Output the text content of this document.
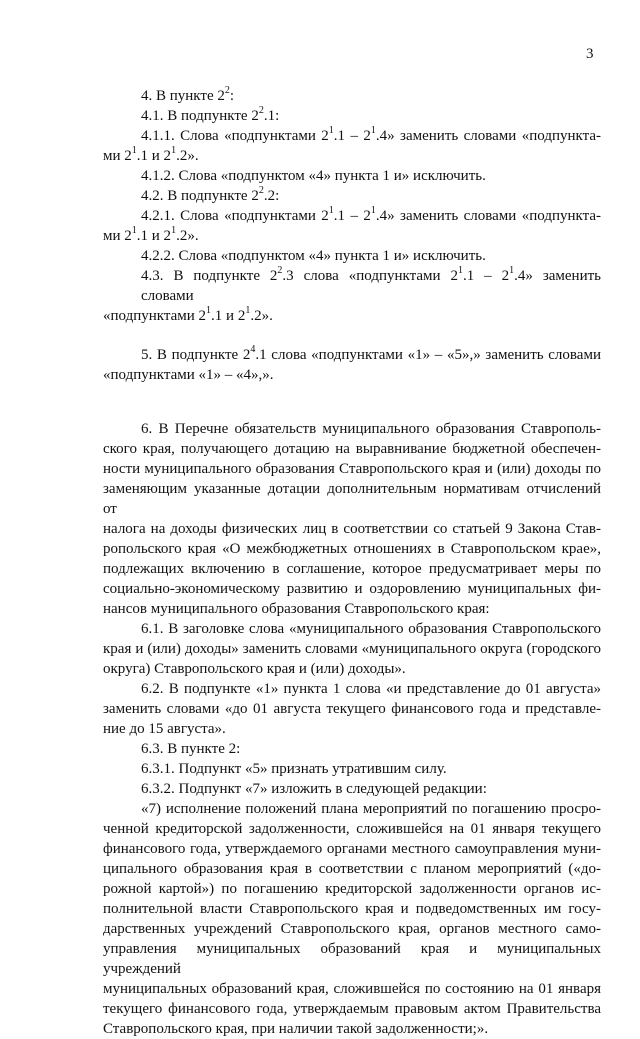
3
4. В пункте $2^2$:
4.1. В подпункте $2^2.1$:
4.1.1. Слова «подпунктами $2^1.1 - 2^1.4$» заменить словами «подпункта-
ми $2^1.1$ и $2^1.2$».
4.1.2. Слова «подпунктом «4» пункта 1 и» исключить.
4.2. В подпункте $2^2.2$:
4.2.1. Слова «подпунктами $2^1.1 - 2^1.4$» заменить словами «подпункта-
ми $2^1.1$ и $2^1.2$».
4.2.2. Слова «подпунктом «4» пункта 1 и» исключить.
4.3. В подпункте $2^2.3$ слова «подпунктами $2^1.1 - 2^1.4$» заменить словами
«подпунктами $2^1.1$ и $2^1.2$».
5. В подпункте $2^4.1$ слова «подпунктами «1» – «5»,» заменить словами
«подпунктами «1» – «4»,».
6. В Перечне обязательств муниципального образования Ставрополь-
ского края, получающего дотацию на выравнивание бюджетной обеспечен-
ности муниципального образования Ставропольского края и (или) доходы по
заменяющим указанные дотации дополнительным нормативам отчислений от
налога на доходы физических лиц в соответствии со статьей 9 Закона Став-
ропольского края «О межбюджетных отношениях в Ставропольском крае»,
подлежащих включению в соглашение, которое предусматривает меры по
социально-экономическому развитию и оздоровлению муниципальных фи-
нансов муниципального образования Ставропольского края:
6.1. В заголовке слова «муниципального образования Ставропольского
края и (или) доходы» заменить словами «муниципального округа (городского
округа) Ставропольского края и (или) доходы».
6.2. В подпункте «1» пункта 1 слова «и представление до 01 августа»
заменить словами «до 01 августа текущего финансового года и представле-
ние до 15 августа».
6.3. В пункте 2:
6.3.1. Подпункт «5» признать утратившим силу.
6.3.2. Подпункт «7» изложить в следующей редакции:
«7) исполнение положений плана мероприятий по погашению просро-
ченной кредиторской задолженности, сложившейся на 01 января текущего
финансового года, утверждаемого органами местного самоуправления муни-
ципального образования края в соответствии с планом мероприятий («до-
рожной картой») по погашению кредиторской задолженности органов ис-
полнительной власти Ставропольского края и подведомственных им госу-
дарственных учреждений Ставропольского края, органов местного само-
управления муниципальных образований края и муниципальных учреждений
муниципальных образований края, сложившейся по состоянию на 01 января
текущего финансового года, утверждаемым правовым актом Правительства
Ставропольского края, при наличии такой задолженности;».
